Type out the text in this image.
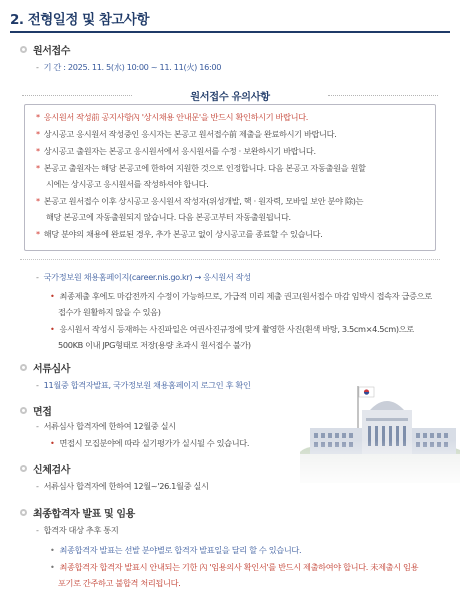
2. 전형일정 및 참고사항
원서접수
- 기 간 : 2025. 11. 5(水) 10:00 ~ 11. 11(火) 16:00
원서접수 유의사항
* 응시원서 작성前 공지사항內 '상시채용 안내문'을 반드시 확인하시기 바랍니다.
* 상시공고 응시원서 작성중인 응시자는 본공고 원서접수前 제출을 완료하시기 바랍니다.
* 상시공고 출원자는 본공고 응시원서에서 응시원서를 수정 · 보완하시기 바랍니다.
* 본공고 출원자는 해당 본공고에 한하여 지원한 것으로 인정합니다. 다음 본공고 자동출원을 원할
시에는 상시공고 응시원서를 작성하셔야 합니다.
* 본공고 원서접수 이후 상시공고 응시원서 작성자(위성개발, 핵 · 원자력, 모바일 보안 분야 除)는
해당 본공고에 자동출원되지 않습니다. 다음 본공고부터 자동출원됩니다.
* 해당 분야의 채용에 완료된 경우, 추가 본공고 없이 상시공고를 종료할 수 있습니다.
- 국가정보원 채용홈페이지(career.nis.go.kr) → 응시원서 작성
• 최종제출 후에도 마감전까지 수정이 가능하므로, 가급적 미리 제출 권고(원서접수 마감 임박시 접속자 급증으로
접수가 원활하지 않을 수 있음)
• 응시원서 작성시 등재하는 사진파일은 여권사진규정에 맞게 촬영한 사진(흰색 바탕, 3.5cm×4.5cm)으로
500KB 이내 JPG형태로 저장(용량 초과시 원서접수 불가)
서류심사
- 11월중 합격자발표, 국가정보원 채용홈페이지 로그인 후 확인
면접
- 서류심사 합격자에 한하여 12월중 실시
• 면접시 모집분야에 따라 실기평가가 실시될 수 있습니다.
신체검사
- 서류심사 합격자에 한하여 12월~'26.1월중 실시
최종합격자 발표 및 임용
- 합격자 대상 추후 통지
• 최종합격자 발표는 선발 분야별로 합격자 발표일을 달리 할 수 있습니다.
• 최종합격자 합격자 발표시 안내되는 기한 內 '임용의사 확인서'를 반드시 제출하여야 합니다. 未제출시 임용
포기로 간주하고 불합격 처리됩니다.
